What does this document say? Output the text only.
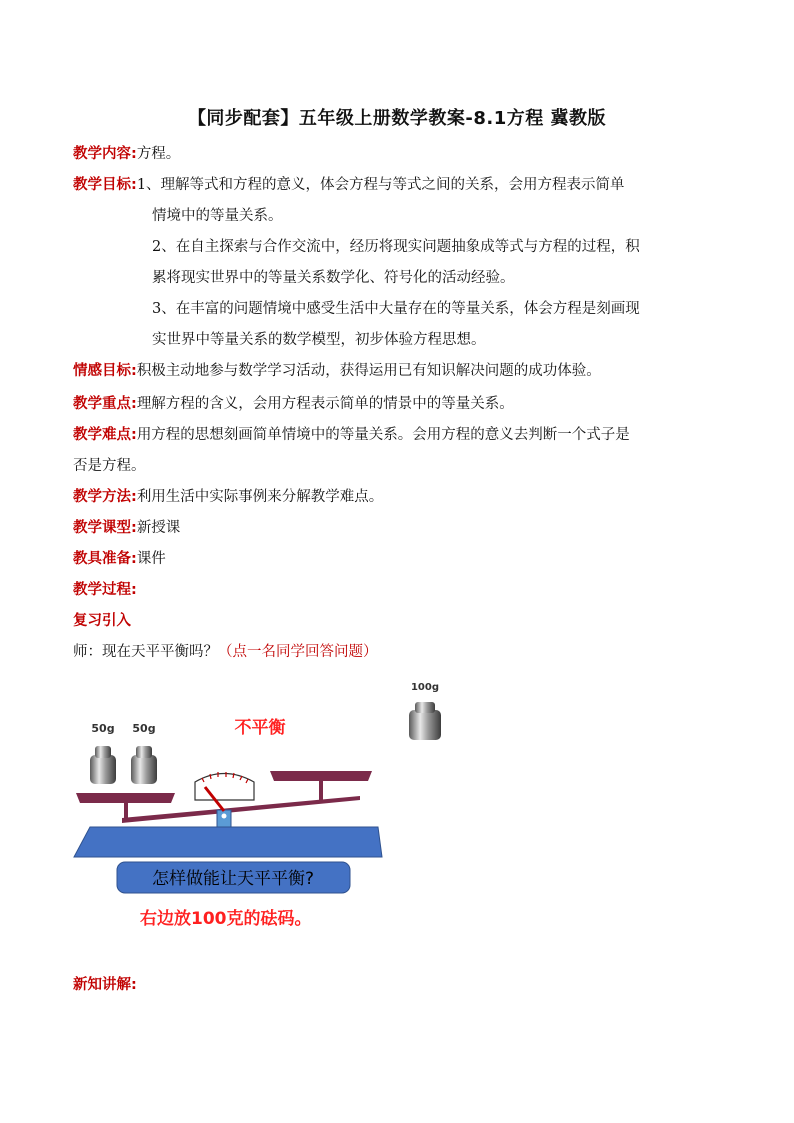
【同步配套】五年级上册数学教案-8.1方程 冀教版
教学内容:方程。
教学目标:1、理解等式和方程的意义，体会方程与等式之间的关系，会用方程表示简单
情境中的等量关系。
2、在自主探索与合作交流中，经历将现实问题抽象成等式与方程的过程，积
累将现实世界中的等量关系数学化、符号化的活动经验。
3、在丰富的问题情境中感受生活中大量存在的等量关系，体会方程是刻画现
实世界中等量关系的数学模型，初步体验方程思想。
情感目标:积极主动地参与数学学习活动，获得运用已有知识解决问题的成功体验。
教学重点:理解方程的含义，会用方程表示简单的情景中的等量关系。
教学难点:用方程的思想刻画简单情境中的等量关系。会用方程的意义去判断一个式子是
否是方程。
教学方法:利用生活中实际事例来分解教学难点。
教学课型:新授课
教具准备:课件
教学过程:
复习引入
师：现在天平平衡吗？（点一名同学回答问题）
50g 50g
100g
不平衡
怎样做能让天平平衡?
右边放100克的砝码。
新知讲解:
